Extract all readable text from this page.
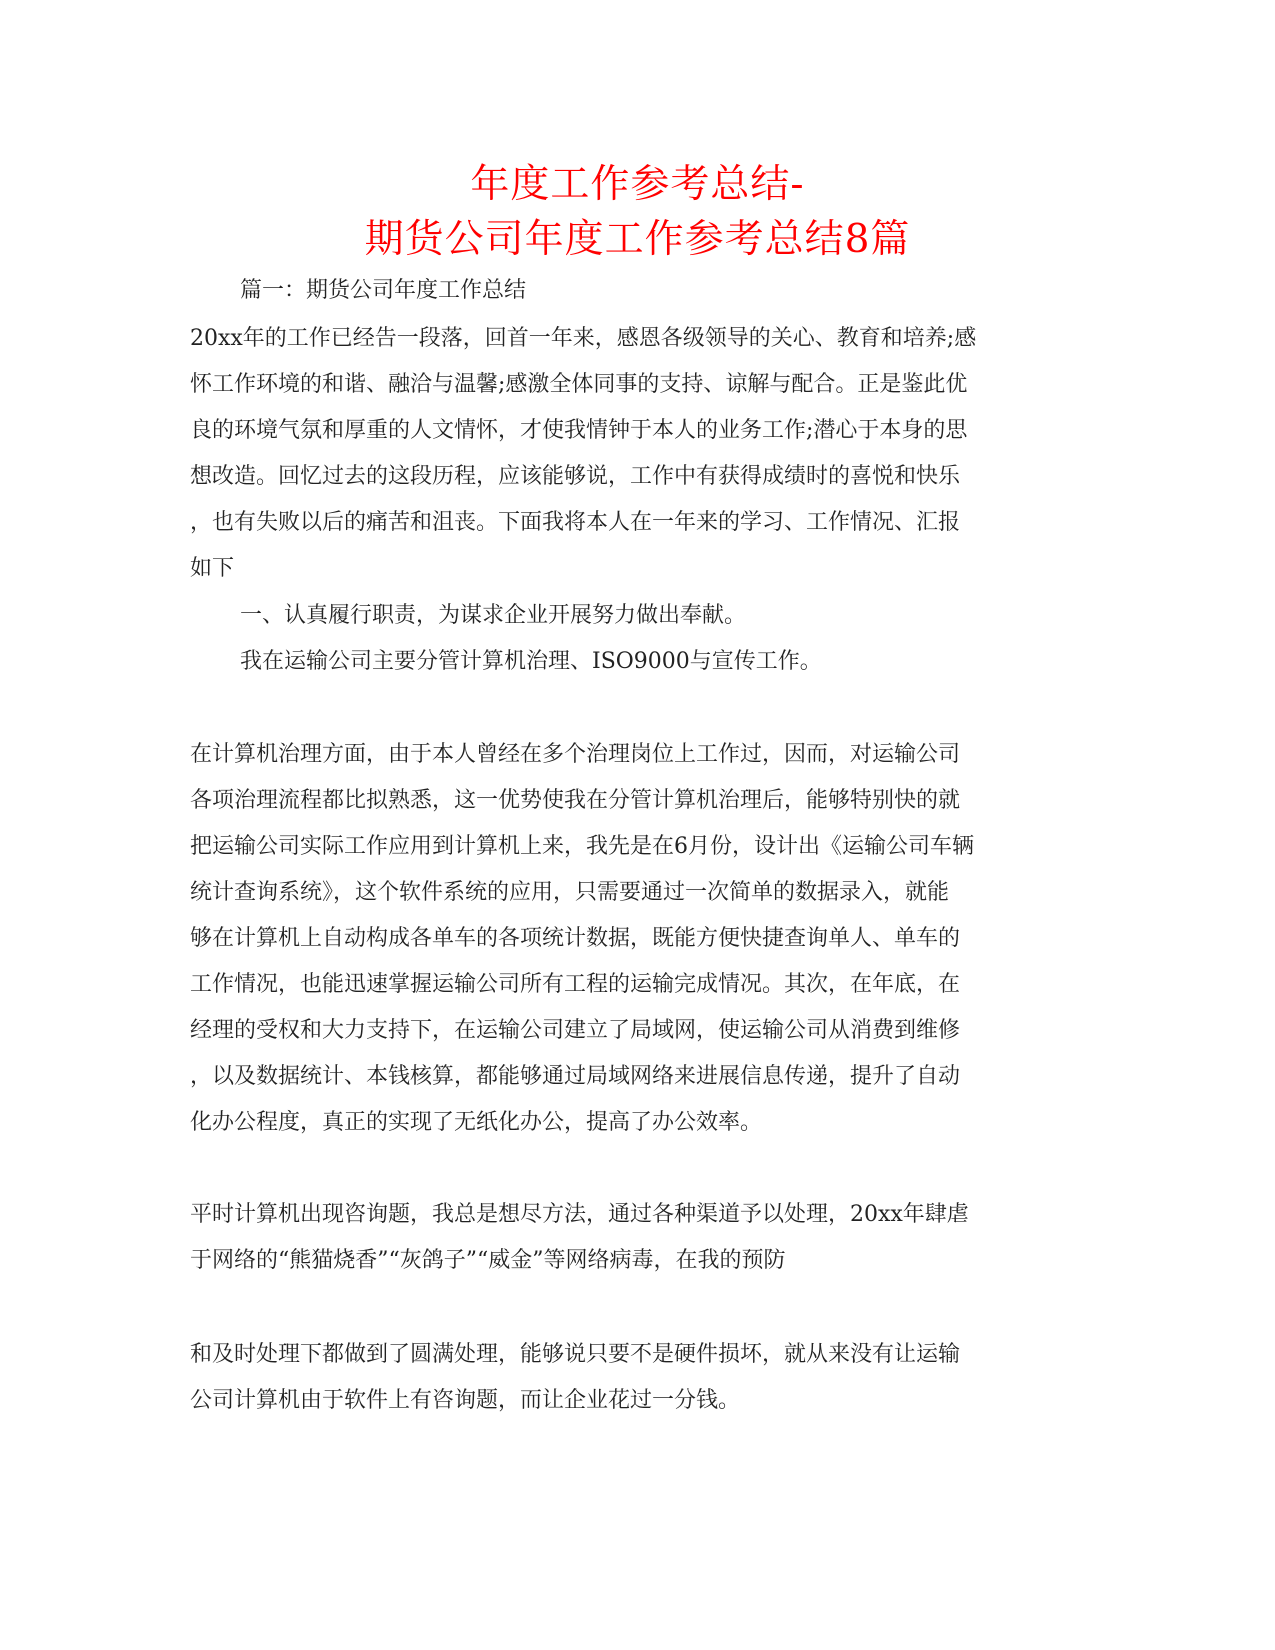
年度工作参考总结-
期货公司年度工作参考总结8篇
篇一：期货公司年度工作总结
20xx年的工作已经告一段落，回首一年来，感恩各级领导的关心、教育和培养;感
怀工作环境的和谐、融洽与温馨;感激全体同事的支持、谅解与配合。正是鉴此优
良的环境气氛和厚重的人文情怀，才使我情钟于本人的业务工作;潜心于本身的思
想改造。回忆过去的这段历程，应该能够说，工作中有获得成绩时的喜悦和快乐
，也有失败以后的痛苦和沮丧。下面我将本人在一年来的学习、工作情况、汇报
如下
一、认真履行职责，为谋求企业开展努力做出奉献。
我在运输公司主要分管计算机治理、ISO9000与宣传工作。
在计算机治理方面，由于本人曾经在多个治理岗位上工作过，因而，对运输公司
各项治理流程都比拟熟悉，这一优势使我在分管计算机治理后，能够特别快的就
把运输公司实际工作应用到计算机上来，我先是在6月份，设计出《运输公司车辆
统计查询系统》，这个软件系统的应用，只需要通过一次简单的数据录入，就能
够在计算机上自动构成各单车的各项统计数据，既能方便快捷查询单人、单车的
工作情况，也能迅速掌握运输公司所有工程的运输完成情况。其次，在年底，在
经理的受权和大力支持下，在运输公司建立了局域网，使运输公司从消费到维修
，以及数据统计、本钱核算，都能够通过局域网络来进展信息传递，提升了自动
化办公程度，真正的实现了无纸化办公，提高了办公效率。
平时计算机出现咨询题，我总是想尽方法，通过各种渠道予以处理，20xx年肆虐
于网络的“熊猫烧香”“灰鸽子”“威金”等网络病毒，在我的预防
和及时处理下都做到了圆满处理，能够说只要不是硬件损坏，就从来没有让运输
公司计算机由于软件上有咨询题，而让企业花过一分钱。
